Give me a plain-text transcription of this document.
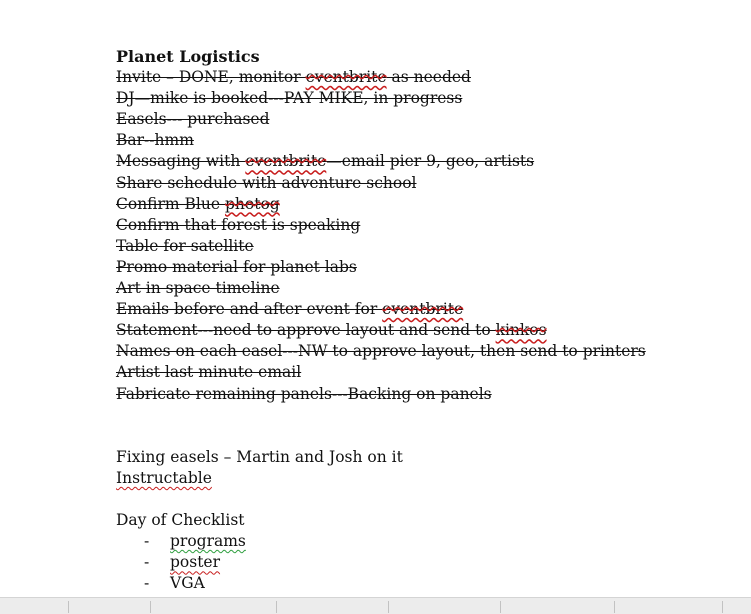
Planet Logistics
Invite – DONE, monitor eventbrite as needed
DJ—mike is booked---PAY MIKE, in progress
Easels--- purchased
Bar--hmm
Messaging with eventbrite—email pier 9, geo, artists
Share schedule with adventure school
Confirm Blue photog
Confirm that forest is speaking
Table for satellite
Promo material for planet labs
Art in space timeline
Emails before and after event for eventbrite
Statement---need to approve layout and send to kinkos
Names on each easel---NW to approve layout, then send to printers
Artist last minute email
Fabricate remaining panels---Backing on panels
Fixing easels – Martin and Josh on it
Instructable
Day of Checklist
- programs
- poster
- VGA
